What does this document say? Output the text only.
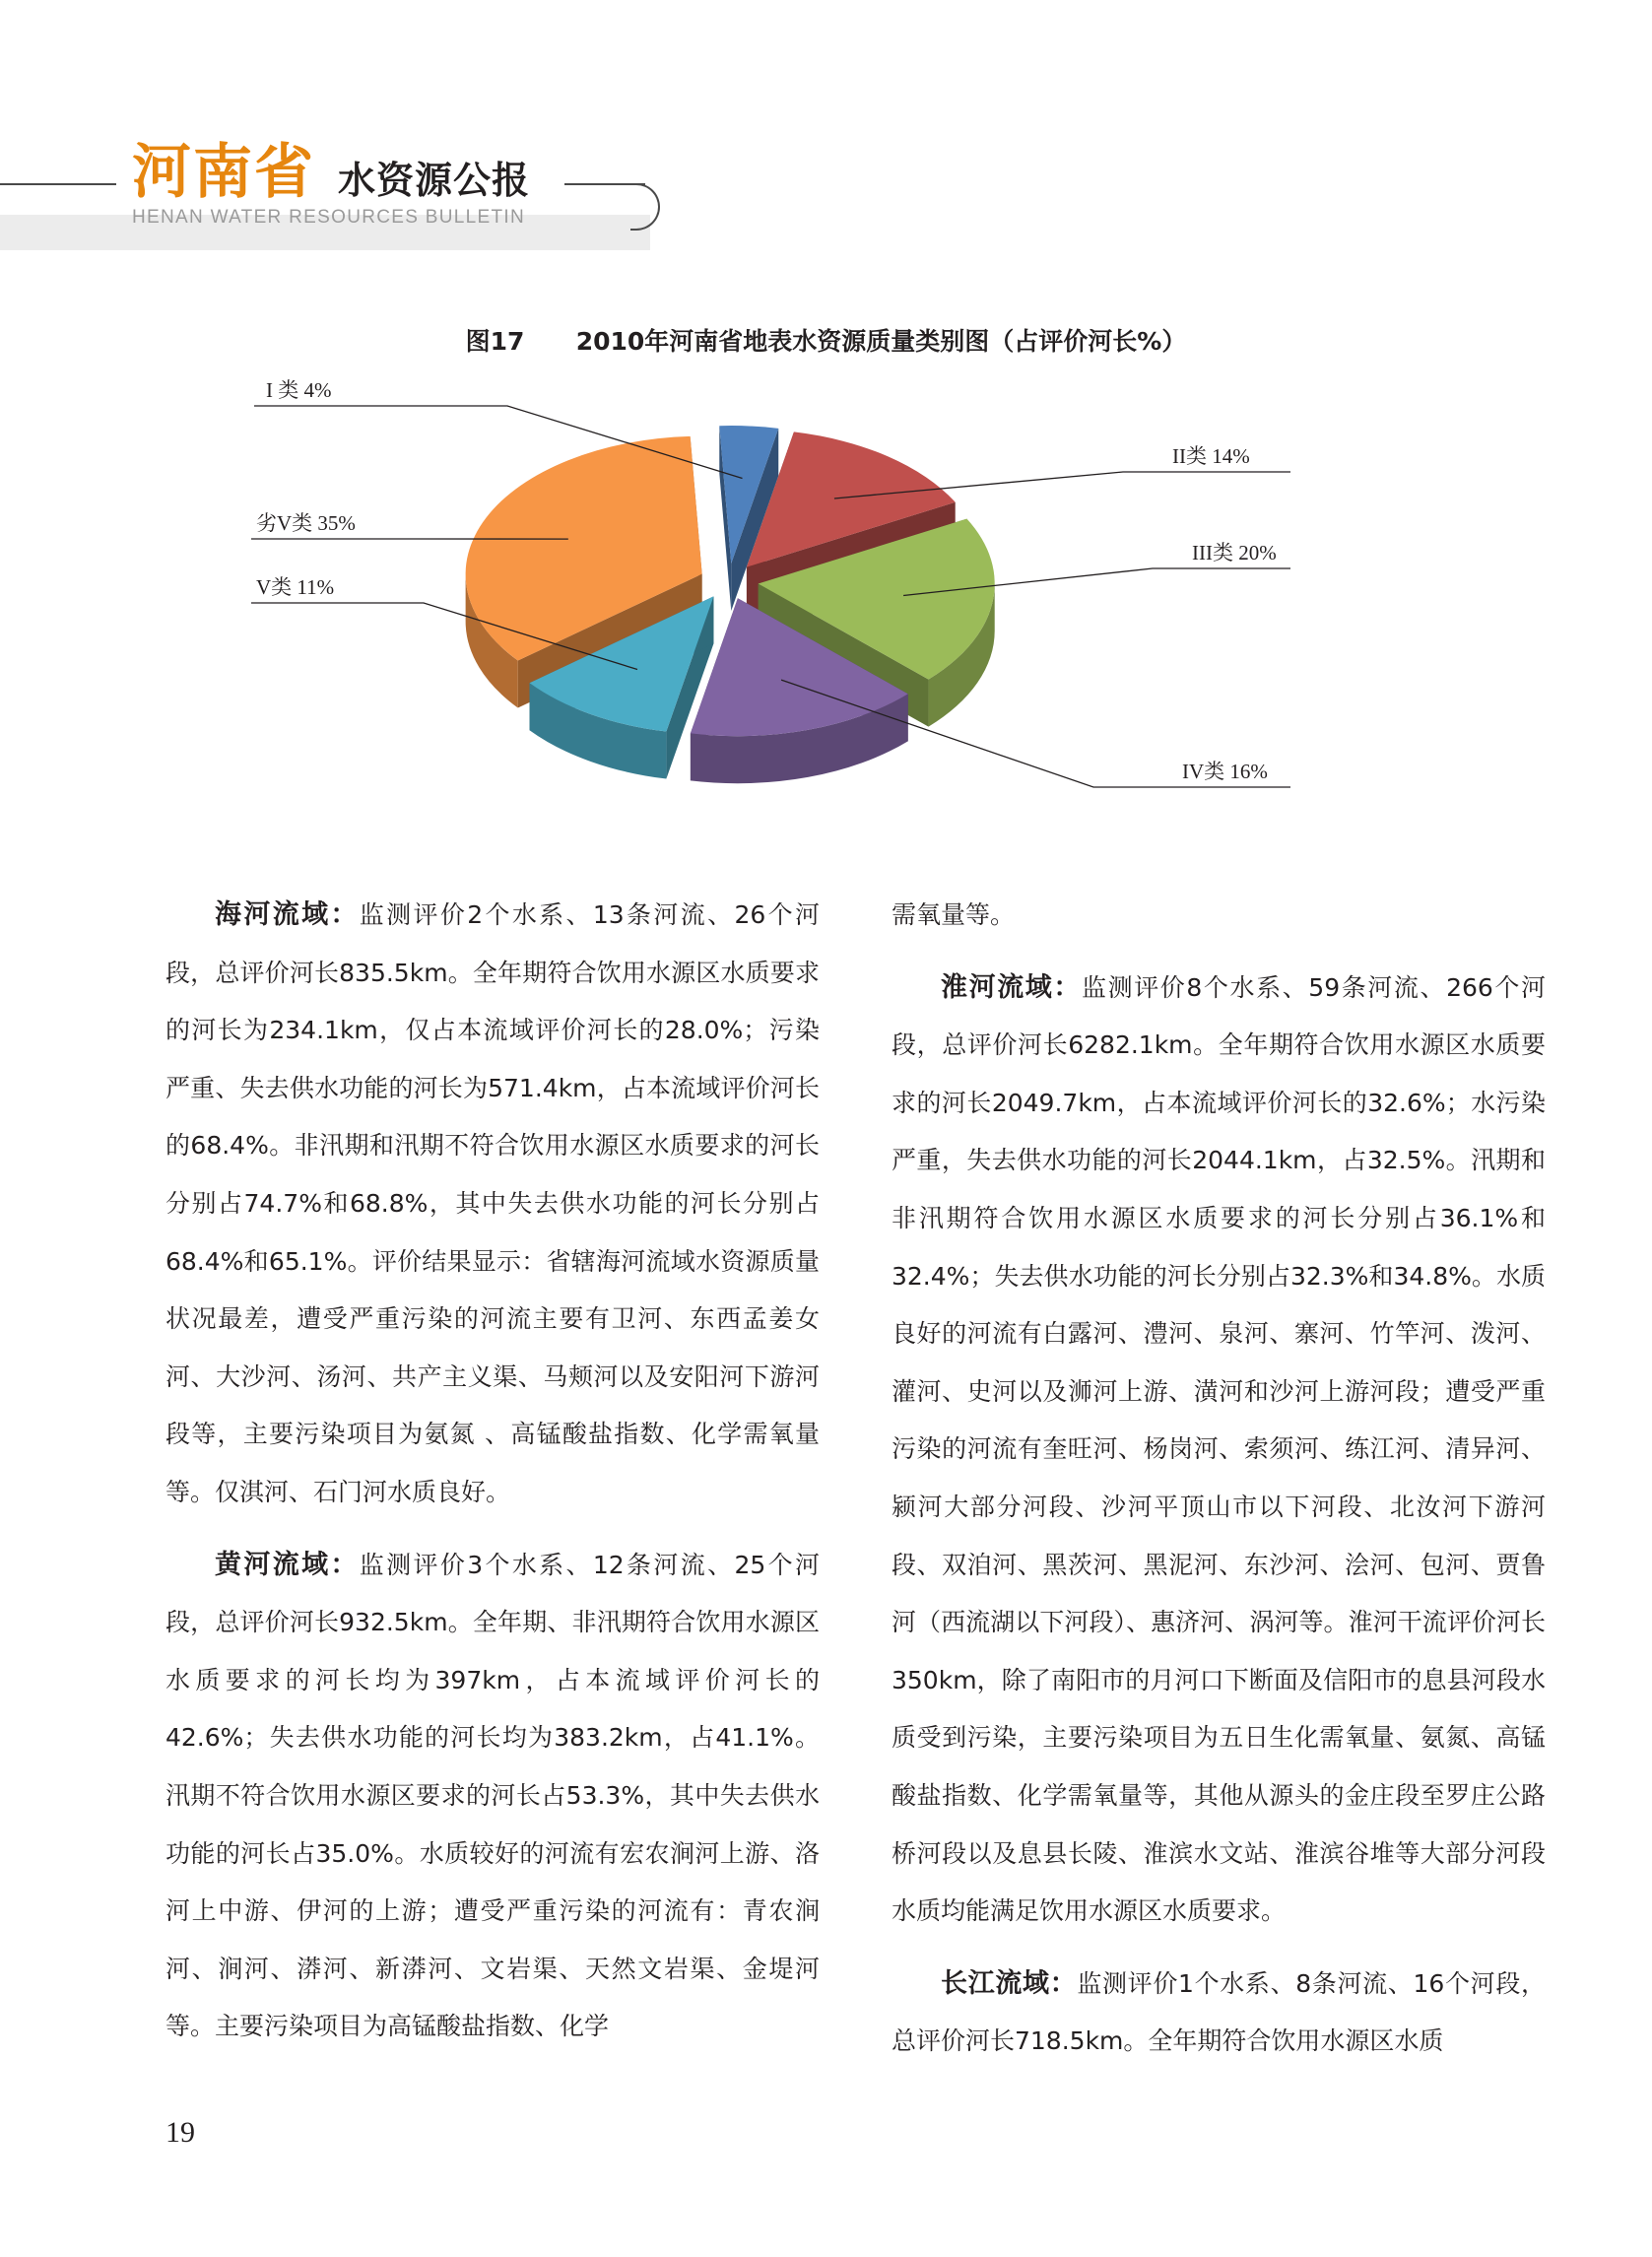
河南省 水资源公报
HENAN WATER RESOURCES BULLETIN
图17 2010年河南省地表水资源质量类别图（占评价河长%）
I 类 4%
II类 14%
III类 20%
IV类 16%
V类 11%
劣V类 35%

海河流域：监测评价2个水系、13条河流、26个河段，总评价河长835.5km。全年期符合饮用水源区水质要求的河长为234.1km，仅占本流域评价河长的28.0%；污染严重、失去供水功能的河长为571.4km，占本流域评价河长的68.4%。非汛期和汛期不符合饮用水源区水质要求的河长分别占74.7%和68.8%，其中失去供水功能的河长分别占68.4%和65.1%。评价结果显示：省辖海河流域水资源质量状况最差，遭受严重污染的河流主要有卫河、东西孟姜女河、大沙河、汤河、共产主义渠、马颊河以及安阳河下游河段等，主要污染项目为氨氮 、高锰酸盐指数、化学需氧量等。仅淇河、石门河水质良好。

黄河流域：监测评价3个水系、12条河流、25个河段，总评价河长932.5km。全年期、非汛期符合饮用水源区水质要求的河长均为397km，占本流域评价河长的42.6%；失去供水功能的河长均为383.2km，占41.1%。汛期不符合饮用水源区要求的河长占53.3%，其中失去供水功能的河长占35.0%。水质较好的河流有宏农涧河上游、洛河上中游、伊河的上游；遭受严重污染的河流有：青农涧河、涧河、漭河、新漭河、文岩渠、天然文岩渠、金堤河等。主要污染项目为高锰酸盐指数、化学

需氧量等。

淮河流域：监测评价8个水系、59条河流、266个河段，总评价河长6282.1km。全年期符合饮用水源区水质要求的河长2049.7km，占本流域评价河长的32.6%；水污染严重，失去供水功能的河长2044.1km，占32.5%。汛期和非汛期符合饮用水源区水质要求的河长分别占36.1%和32.4%；失去供水功能的河长分别占32.3%和34.8%。水质良好的河流有白露河、澧河、泉河、寨河、竹竿河、泼河、灌河、史河以及浉河上游、潢河和沙河上游河段；遭受严重污染的河流有奎旺河、杨岗河、索须河、练江河、清异河、颍河大部分河段、沙河平顶山市以下河段、北汝河下游河段、双洎河、黑茨河、黑泥河、东沙河、浍河、包河、贾鲁河（西流湖以下河段）、惠济河、涡河等。淮河干流评价河长350km，除了南阳市的月河口下断面及信阳市的息县河段水质受到污染，主要污染项目为五日生化需氧量、氨氮、高锰酸盐指数、化学需氧量等，其他从源头的金庄段至罗庄公路桥河段以及息县长陵、淮滨水文站、淮滨谷堆等大部分河段水质均能满足饮用水源区水质要求。

长江流域：监测评价1个水系、8条河流、16个河段，总评价河长718.5km。全年期符合饮用水源区水质

19
